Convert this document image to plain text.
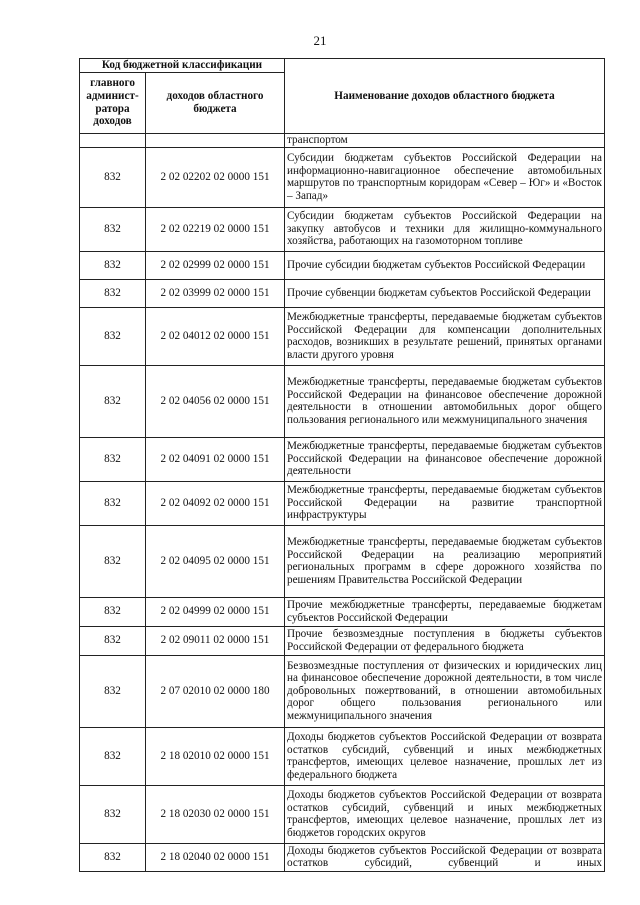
21
Код бюджетной классификации		Наименование доходов областного бюджета
главного админист-ратора доходов	доходов областного бюджета	
		транспортом
832	2 02 02202 02 0000 151	Субсидии бюджетам субъектов Российской Федерации на информационно-навигационное обеспечение автомобильных маршрутов по транспортным коридорам «Север – Юг» и «Восток – Запад»
832	2 02 02219 02 0000 151	Субсидии бюджетам субъектов Российской Федерации на закупку автобусов и техники для жилищно-коммунального хозяйства, работающих на газомоторном топливе
832	2 02 02999 02 0000 151	Прочие субсидии бюджетам субъектов Российской Федерации
832	2 02 03999 02 0000 151	Прочие субвенции бюджетам субъектов Российской Федерации
832	2 02 04012 02 0000 151	Межбюджетные трансферты, передаваемые бюджетам субъектов Российской Федерации для компенсации дополнительных расходов, возникших в результате решений, принятых органами власти другого уровня
832	2 02 04056 02 0000 151	Межбюджетные трансферты, передаваемые бюджетам субъектов Российской Федерации на финансовое обеспечение дорожной деятельности в отношении автомобильных дорог общего пользования регионального или межмуниципального значения
832	2 02 04091 02 0000 151	Межбюджетные трансферты, передаваемые бюджетам субъектов Российской Федерации на финансовое обеспечение дорожной деятельности
832	2 02 04092 02 0000 151	Межбюджетные трансферты, передаваемые бюджетам субъектов Российской Федерации на развитие транспортной инфраструктуры
832	2 02 04095 02 0000 151	Межбюджетные трансферты, передаваемые бюджетам субъектов Российской Федерации на реализацию мероприятий региональных программ в сфере дорожного хозяйства по решениям Правительства Российской Федерации
832	2 02 04999 02 0000 151	Прочие межбюджетные трансферты, передаваемые бюджетам субъектов Российской Федерации
832	2 02 09011 02 0000 151	Прочие безвозмездные поступления в бюджеты субъектов Российской Федерации от федерального бюджета
832	2 07 02010 02 0000 180	Безвозмездные поступления от физических и юридических лиц на финансовое обеспечение дорожной деятельности, в том числе добровольных пожертвований, в отношении автомобильных дорог общего пользования регионального или межмуниципального значения
832	2 18 02010 02 0000 151	Доходы бюджетов субъектов Российской Федерации от возврата остатков субсидий, субвенций и иных межбюджетных трансфертов, имеющих целевое назначение, прошлых лет из федерального бюджета
832	2 18 02030 02 0000 151	Доходы бюджетов субъектов Российской Федерации от возврата остатков субсидий, субвенций и иных межбюджетных трансфертов, имеющих целевое назначение, прошлых лет из бюджетов городских округов
832	2 18 02040 02 0000 151	Доходы бюджетов субъектов Российской Федерации от возврата остатков субсидий, субвенций и иных
